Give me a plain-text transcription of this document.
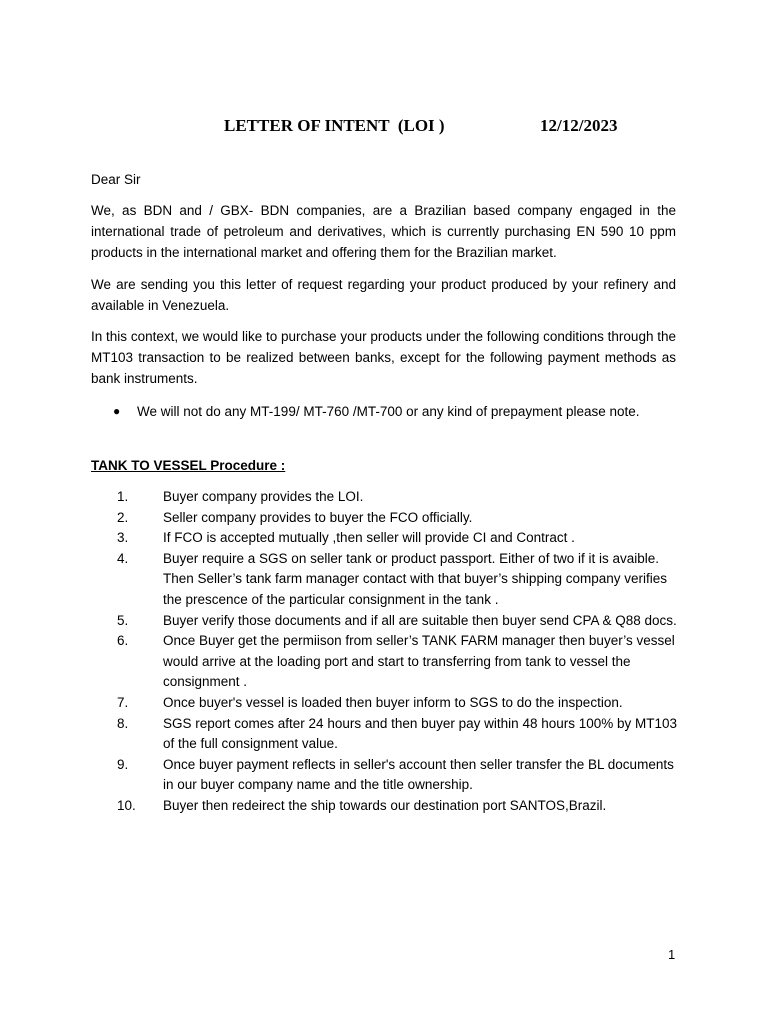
LETTER OF INTENT  (LOI )	12/12/2023
Dear Sir
We, as BDN and / GBX- BDN companies, are a Brazilian based company engaged in the international trade of petroleum and derivatives, which is currently purchasing EN 590 10 ppm products in the international market and offering them for the Brazilian market.
We are sending you this letter of request regarding your product produced by your refinery and available in Venezuela.
In this context, we would like to purchase your products under the following conditions through the MT103 transaction to be realized between banks, except for the following payment methods as bank instruments.
● We will not do any MT-199/ MT-760 /MT-700 or any kind of prepayment please note.
TANK TO VESSEL Procedure :
1.	Buyer company provides the LOI.
2.	Seller company provides to buyer the FCO officially.
3.	If FCO is accepted mutually ,then seller will provide CI and Contract .
4.	Buyer require a SGS on seller tank or product passport. Either of two if it is avaible. Then Seller’s tank farm manager contact with that buyer’s shipping company verifies the prescence of the particular consignment in the tank .
5.	Buyer verify those documents and if all are suitable then buyer send CPA & Q88 docs.
6.	Once Buyer get the permiison from seller’s TANK FARM manager then buyer’s vessel would arrive at the loading port and start to transferring from tank to vessel the consignment .
7.	Once buyer's vessel is loaded then buyer inform to SGS to do the inspection.
8.	SGS report comes after 24 hours and then buyer pay within 48 hours 100% by MT103 of the full consignment value.
9.	Once buyer payment reflects in seller's account then seller transfer the BL documents in our buyer company name and the title ownership.
10. Buyer then redeirect the ship towards our destination port SANTOS,Brazil.
1
